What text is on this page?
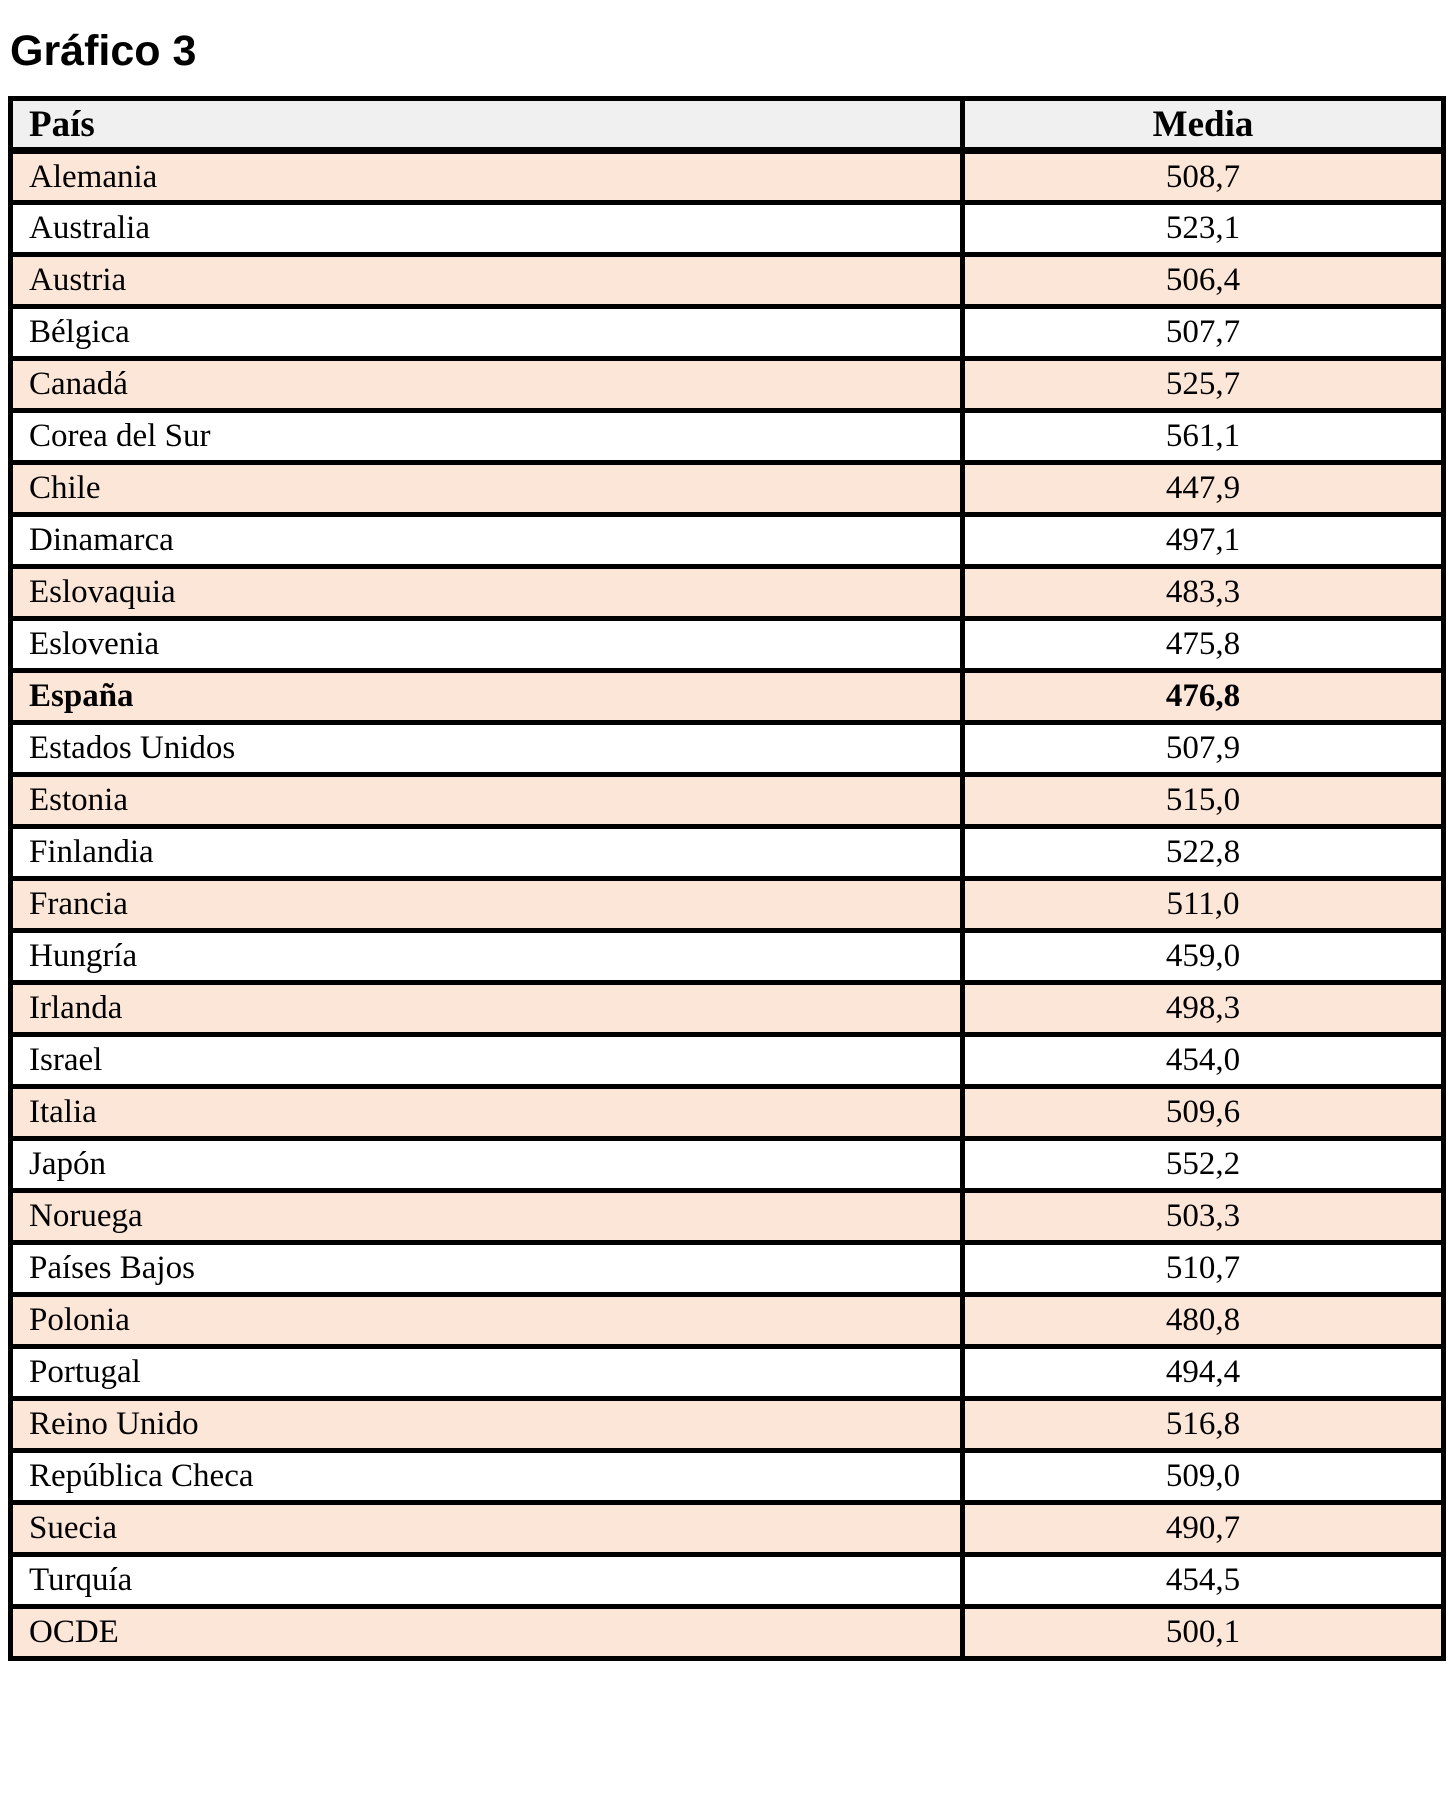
Gráfico 3
País	Media
Alemania	508,7
Australia	523,1
Austria	506,4
Bélgica	507,7
Canadá	525,7
Corea del Sur	561,1
Chile	447,9
Dinamarca	497,1
Eslovaquia	483,3
Eslovenia	475,8
España	476,8
Estados Unidos	507,9
Estonia	515,0
Finlandia	522,8
Francia	511,0
Hungría	459,0
Irlanda	498,3
Israel	454,0
Italia	509,6
Japón	552,2
Noruega	503,3
Países Bajos	510,7
Polonia	480,8
Portugal	494,4
Reino Unido	516,8
República Checa	509,0
Suecia	490,7
Turquía	454,5
OCDE	500,1
